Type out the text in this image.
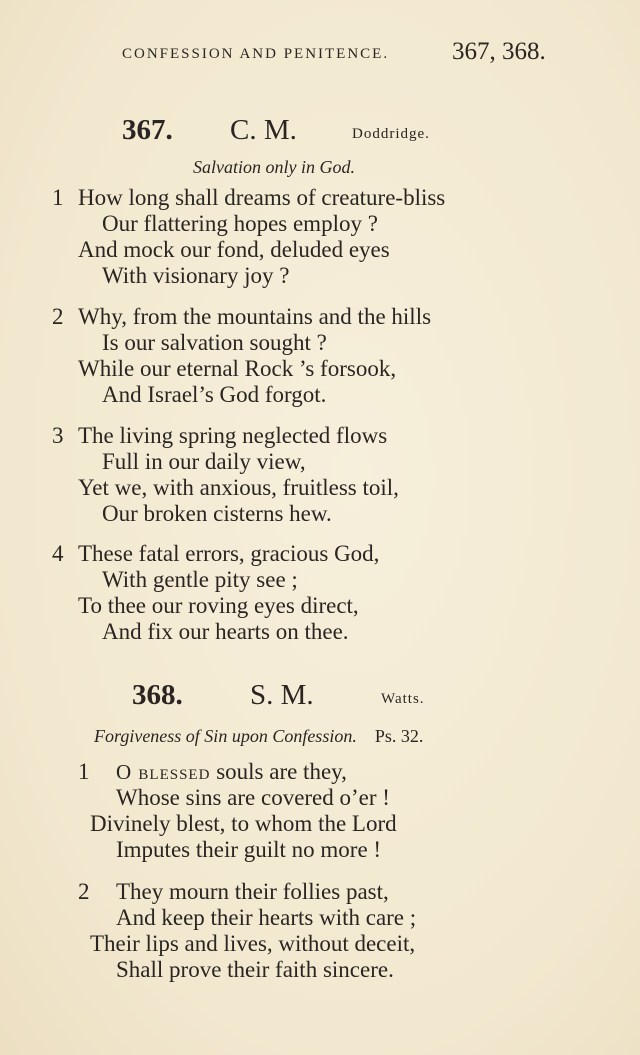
CONFESSION AND PENITENCE.	367, 368.
367. C. M.	Doddridge.
Salvation only in God.
1 How long shall dreams of creature-bliss
Our flattering hopes employ ?
And mock our fond, deluded eyes
With visionary joy ?
2 Why, from the mountains and the hills
Is our salvation sought ?
While our eternal Rock ’s forsook,
And Israel’s God forgot.
3 The living spring neglected flows
Full in our daily view,
Yet we, with anxious, fruitless toil,
Our broken cisterns hew.
4 These fatal errors, gracious God,
With gentle pity see ;
To thee our roving eyes direct,
And fix our hearts on thee.
368. S. M.	Watts.
Forgiveness of Sin upon Confession. Ps. 32.
1 O blessed souls are they,
Whose sins are covered o’er !
Divinely blest, to whom the Lord
Imputes their guilt no more !
2 They mourn their follies past,
And keep their hearts with care ;
Their lips and lives, without deceit,
Shall prove their faith sincere.
